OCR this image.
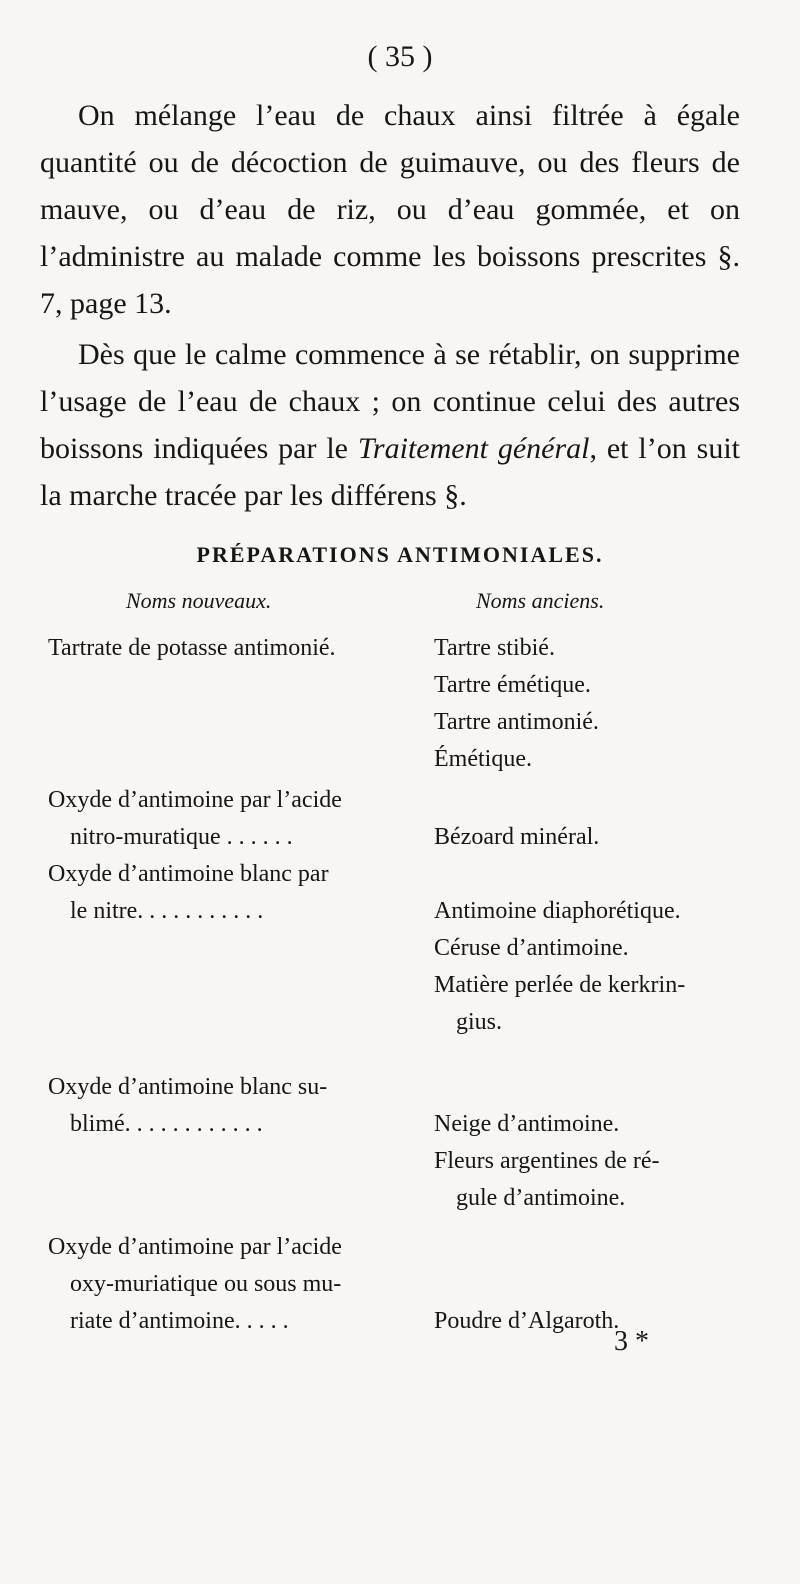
( 35 )

On mélange l’eau de chaux ainsi filtrée à égale quantité ou de décoction de guimauve, ou des fleurs de mauve, ou d’eau de riz, ou d’eau gommée, et on l’administre au malade comme les boissons prescrites §. 7, page 13.

Dès que le calme commence à se rétablir, on supprime l’usage de l’eau de chaux ; on continue celui des autres boissons indiquées par le Traitement général, et l’on suit la marche tracée par les différens §.

PRÉPARATIONS ANTIMONIALES.
Noms nouveaux.	Noms anciens.
Tartrate de potasse antimonié.	Tartre stibié.
Tartre émétique.
Tartre antimonié.
Émétique.
Oxyde d’antimoine par l’acide
nitro-muratique . . . . . .	Bézoard minéral.
Oxyde d’antimoine blanc par
le nitre. . . . . . . . . . .	Antimoine diaphorétique.
Céruse d’antimoine.
Matière perlée de kerkrin-
gius.
Oxyde d’antimoine blanc su-
blimé. . . . . . . . . . . .	Neige d’antimoine.
Fleurs argentines de ré-
gule d’antimoine.
Oxyde d’antimoine par l’acide
oxy-muriatique ou sous mu-
riate d’antimoine. . . . .	Poudre d’Algaroth.
3 *
